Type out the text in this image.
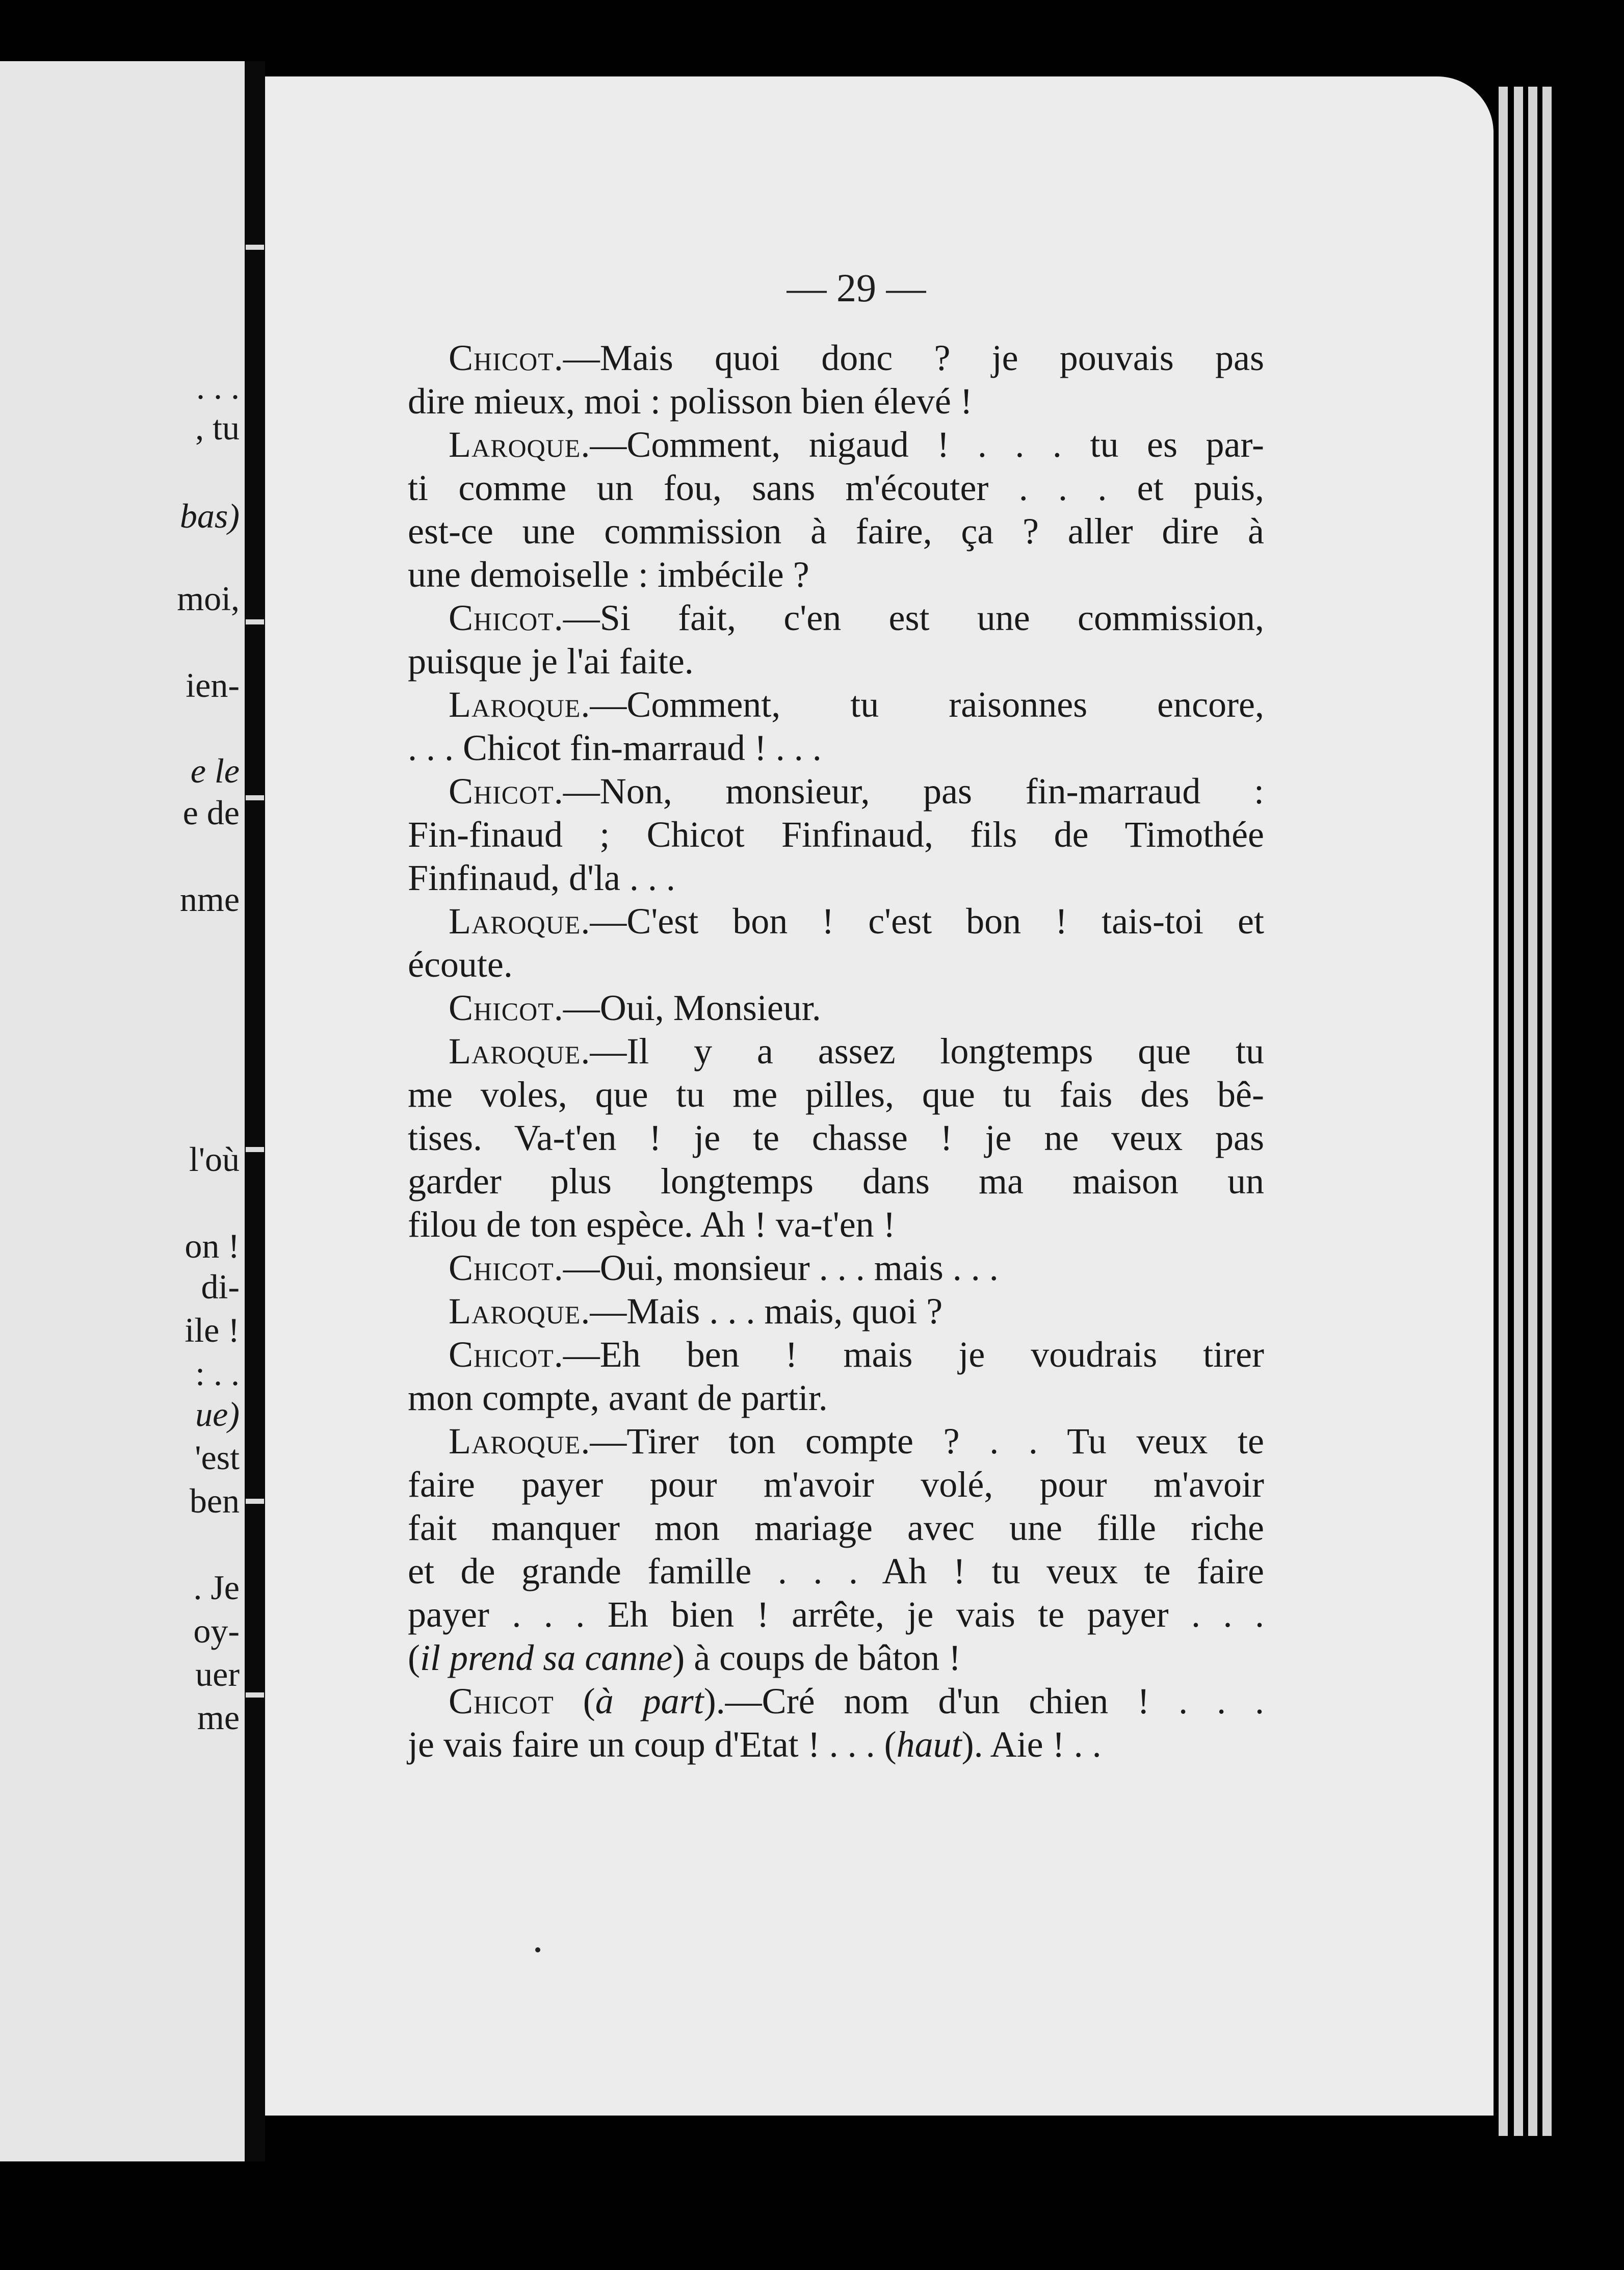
. . .
, tu
bas)
moi,
ien-
e le
e de
nme
l'où
on !
di-
ile !
: . .
ue)
'est
ben
. Je
oy-
uer
me
— 29 —
Chicot.—Mais quoi donc ? je pouvais pas
dire mieux, moi : polisson bien élevé !
Laroque.—Comment, nigaud ! . . . tu es par-
ti comme un fou, sans m'écouter . . . et puis,
est-ce une commission à faire, ça ? aller dire à
une demoiselle : imbécile ?
Chicot.—Si fait, c'en est une commission,
puisque je l'ai faite.
Laroque.—Comment, tu raisonnes encore,
. . . Chicot fin-marraud ! . . .
Chicot.—Non, monsieur, pas fin-marraud :
Fin-finaud ; Chicot Finfinaud, fils de Timothée
Finfinaud, d'la . . .
Laroque.—C'est bon ! c'est bon ! tais-toi et
écoute.
Chicot.—Oui, Monsieur.
Laroque.—Il y a assez longtemps que tu
me voles, que tu me pilles, que tu fais des bê-
tises. Va-t'en ! je te chasse ! je ne veux pas
garder plus longtemps dans ma maison un
filou de ton espèce. Ah ! va-t'en !
Chicot.—Oui, monsieur . . . mais . . .
Laroque.—Mais . . . mais, quoi ?
Chicot.—Eh ben ! mais je voudrais tirer
mon compte, avant de partir.
Laroque.—Tirer ton compte ? . . Tu veux te
faire payer pour m'avoir volé, pour m'avoir
fait manquer mon mariage avec une fille riche
et de grande famille . . . Ah ! tu veux te faire
payer . . . Eh bien ! arrête, je vais te payer . . .
(il prend sa canne) à coups de bâton !
Chicot (à part).—Cré nom d'un chien ! . . .
je vais faire un coup d'Etat ! . . . (haut). Aie ! . .
